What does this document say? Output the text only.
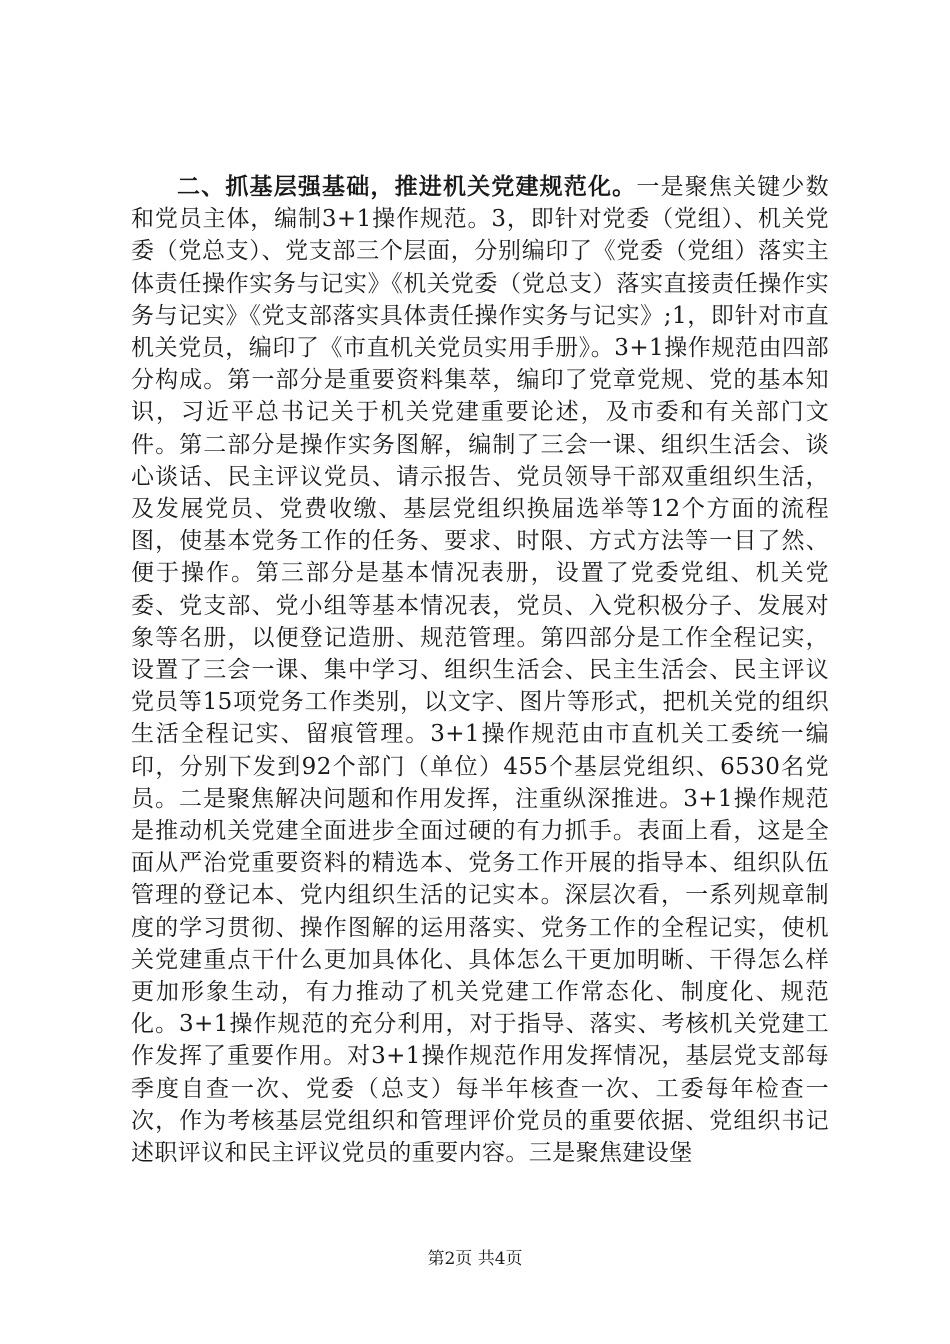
二、抓基层强基础，推进机关党建规范化。一是聚焦关键少数和党员主体，编制3+1操作规范。3，即针对党委（党组）、机关党委（党总支）、党支部三个层面，分别编印了《党委（党组）落实主体责任操作实务与记实》《机关党委（党总支）落实直接责任操作实务与记实》《党支部落实具体责任操作实务与记实》;1，即针对市直机关党员，编印了《市直机关党员实用手册》。3+1操作规范由四部分构成。第一部分是重要资料集萃，编印了党章党规、党的基本知识，习近平总书记关于机关党建重要论述，及市委和有关部门文件。第二部分是操作实务图解，编制了三会一课、组织生活会、谈心谈话、民主评议党员、请示报告、党员领导干部双重组织生活，及发展党员、党费收缴、基层党组织换届选举等12个方面的流程图，使基本党务工作的任务、要求、时限、方式方法等一目了然、便于操作。第三部分是基本情况表册，设置了党委党组、机关党委、党支部、党小组等基本情况表，党员、入党积极分子、发展对象等名册，以便登记造册、规范管理。第四部分是工作全程记实，设置了三会一课、集中学习、组织生活会、民主生活会、民主评议党员等15项党务工作类别，以文字、图片等形式，把机关党的组织生活全程记实、留痕管理。3+1操作规范由市直机关工委统一编印，分别下发到92个部门（单位）455个基层党组织、6530名党员。二是聚焦解决问题和作用发挥，注重纵深推进。3+1操作规范是推动机关党建全面进步全面过硬的有力抓手。表面上看，这是全面从严治党重要资料的精选本、党务工作开展的指导本、组织队伍管理的登记本、党内组织生活的记实本。深层次看，一系列规章制度的学习贯彻、操作图解的运用落实、党务工作的全程记实，使机关党建重点干什么更加具体化、具体怎么干更加明晰、干得怎么样更加形象生动，有力推动了机关党建工作常态化、制度化、规范化。3+1操作规范的充分利用，对于指导、落实、考核机关党建工作发挥了重要作用。对3+1操作规范作用发挥情况，基层党支部每季度自查一次、党委（总支）每半年核查一次、工委每年检查一次，作为考核基层党组织和管理评价党员的重要依据、党组织书记述职评议和民主评议党员的重要内容。三是聚焦建设堡

第2页 共4页
